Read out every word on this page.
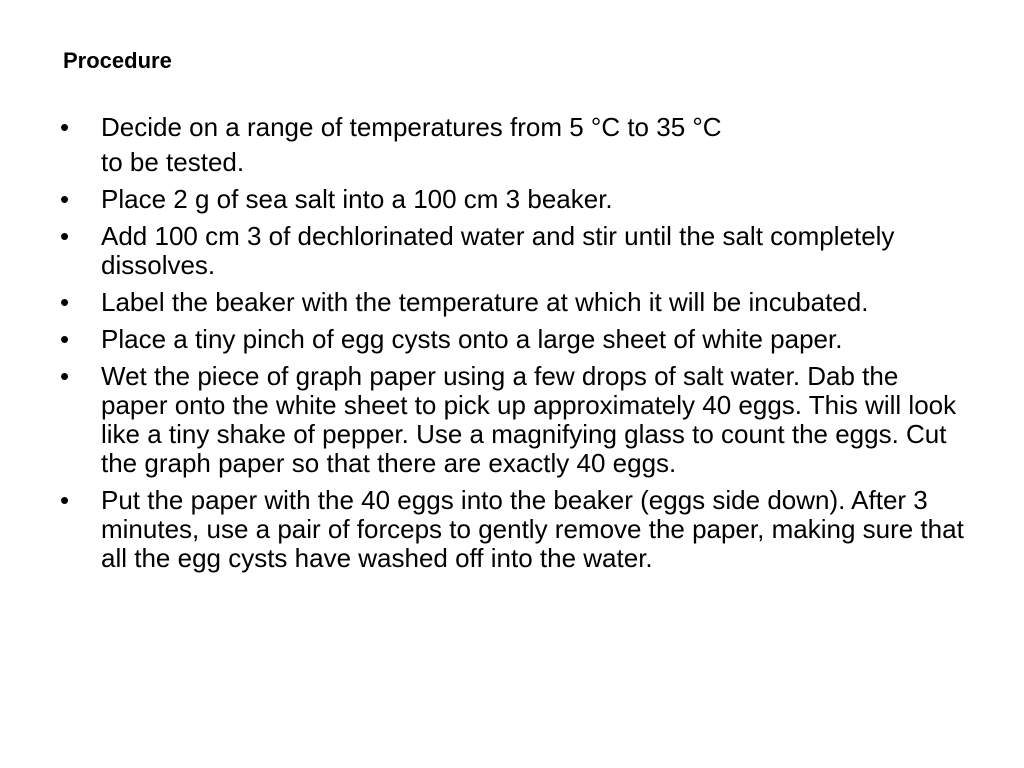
Procedure
• Decide on a range of temperatures from 5 °C to 35 °C
to be tested.
• Place 2 g of sea salt into a 100 cm 3 beaker.
• Add 100 cm 3 of dechlorinated water and stir until the salt completely dissolves.
• Label the beaker with the temperature at which it will be incubated.
• Place a tiny pinch of egg cysts onto a large sheet of white paper.
• Wet the piece of graph paper using a few drops of salt water. Dab the paper onto the white sheet to pick up approximately 40 eggs. This will look like a tiny shake of pepper. Use a magnifying glass to count the eggs. Cut the graph paper so that there are exactly 40 eggs.
• Put the paper with the 40 eggs into the beaker (eggs side down). After 3 minutes, use a pair of forceps to gently remove the paper, making sure that all the egg cysts have washed off into the water.
